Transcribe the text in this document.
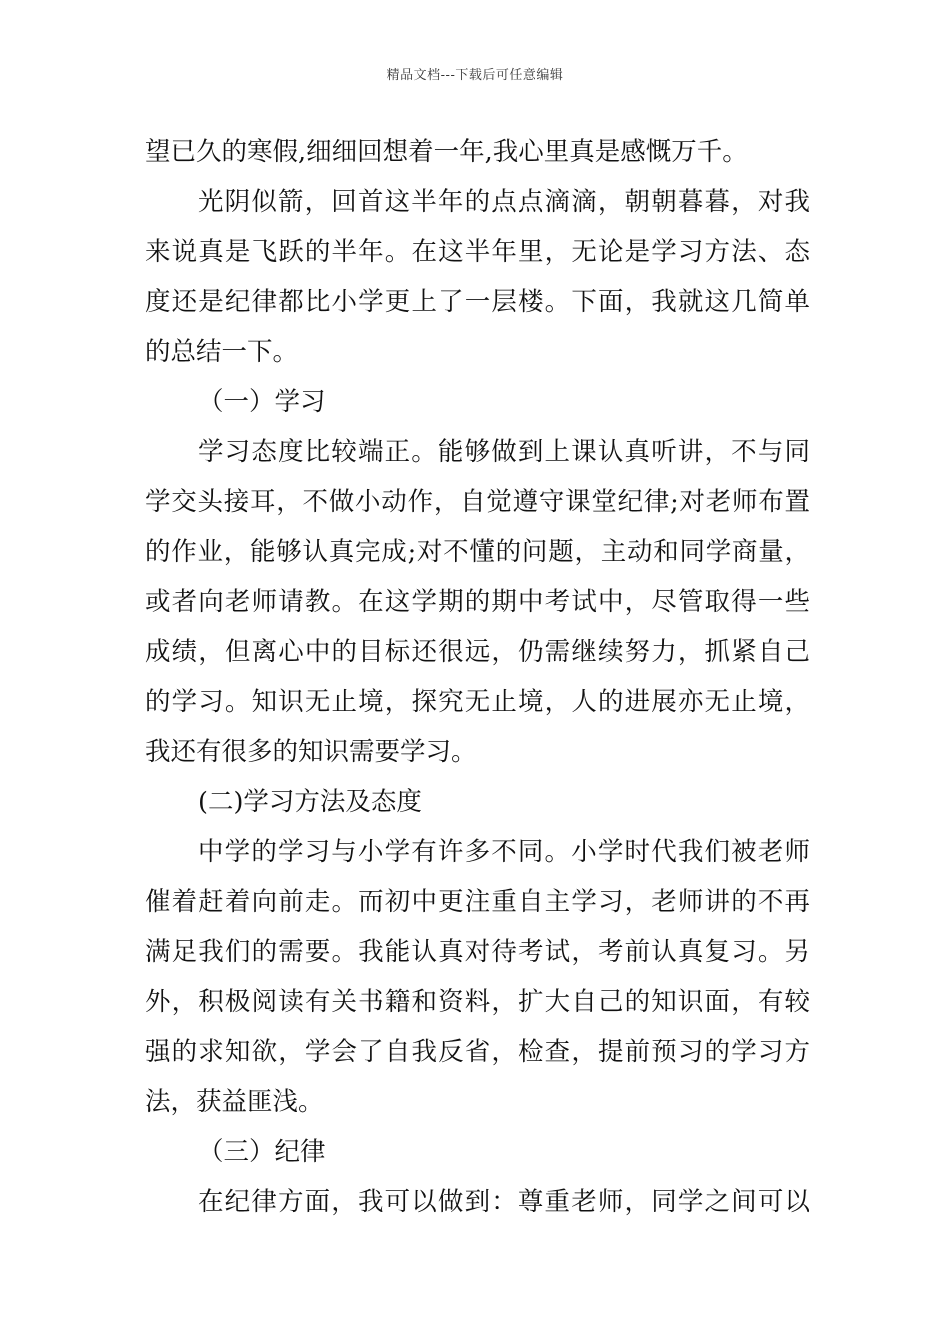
精品文档---下载后可任意编辑
望已久的寒假,细细回想着一年,我心里真是感慨万千。
光阴似箭，回首这半年的点点滴滴，朝朝暮暮，对我
来说真是飞跃的半年。在这半年里，无论是学习方法、态
度还是纪律都比小学更上了一层楼。下面，我就这几简单
的总结一下。
（一）学习
学习态度比较端正。能够做到上课认真听讲，不与同
学交头接耳，不做小动作，自觉遵守课堂纪律;对老师布置
的作业，能够认真完成;对不懂的问题，主动和同学商量，
或者向老师请教。在这学期的期中考试中，尽管取得一些
成绩，但离心中的目标还很远，仍需继续努力，抓紧自己
的学习。知识无止境，探究无止境，人的进展亦无止境，
我还有很多的知识需要学习。
(二)学习方法及态度
中学的学习与小学有许多不同。小学时代我们被老师
催着赶着向前走。而初中更注重自主学习，老师讲的不再
满足我们的需要。我能认真对待考试，考前认真复习。另
外，积极阅读有关书籍和资料，扩大自己的知识面，有较
强的求知欲，学会了自我反省，检查，提前预习的学习方
法，获益匪浅。
（三）纪律
在纪律方面，我可以做到：尊重老师，同学之间可以
